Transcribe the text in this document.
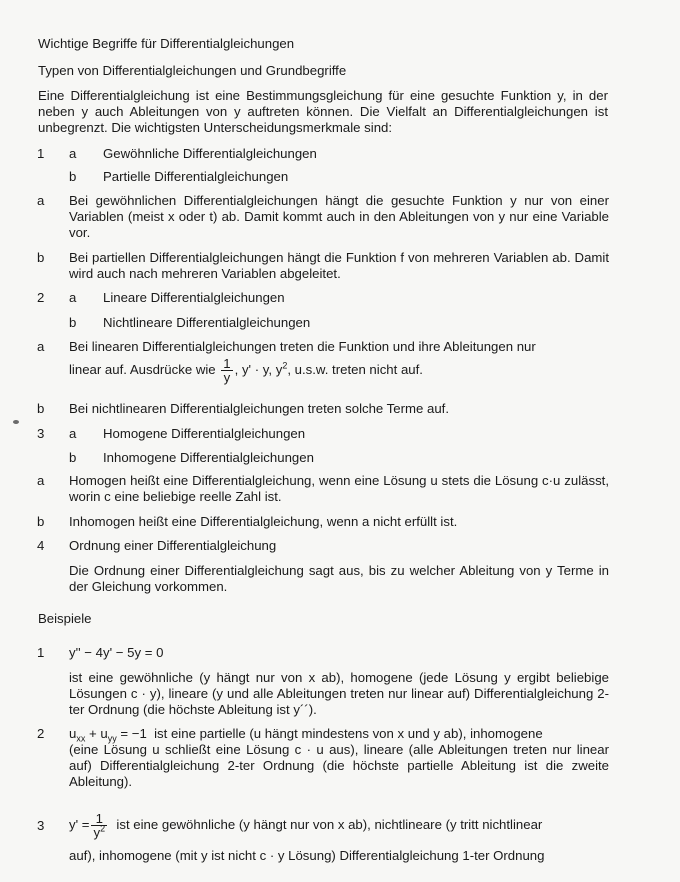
Wichtige Begriffe für Differentialgleichungen
Typen von Differentialgleichungen und Grundbegriffe
Eine Differentialgleichung ist eine Bestimmungsgleichung für eine gesuchte Funktion y, in der neben y auch Ableitungen von y auftreten können. Die Vielfalt an Differentialgleichungen ist unbegrenzt. Die wichtigsten Unterscheidungsmerkmale sind:
1 a Gewöhnliche Differentialgleichungen
b Partielle Differentialgleichungen
a Bei gewöhnlichen Differentialgleichungen hängt die gesuchte Funktion y nur von einer Variablen (meist x oder t) ab. Damit kommt auch in den Ableitungen von y nur eine Variable vor.
b Bei partiellen Differentialgleichungen hängt die Funktion f von mehreren Variablen ab. Damit wird auch nach mehreren Variablen abgeleitet.
2 a Lineare Differentialgleichungen
b Nichtlineare Differentialgleichungen
a Bei linearen Differentialgleichungen treten die Funktion und ihre Ableitungen nur
linear auf. Ausdrücke wie $\frac{1}{y}$ , y' · y, $y^2$, u.s.w. treten nicht auf.
b Bei nichtlinearen Differentialgleichungen treten solche Terme auf.
3 a Homogene Differentialgleichungen
b Inhomogene Differentialgleichungen
a Homogen heißt eine Differentialgleichung, wenn eine Lösung u stets die Lösung c·u zulässt, worin c eine beliebige reelle Zahl ist.
b Inhomogen heißt eine Differentialgleichung, wenn a nicht erfüllt ist.
4 Ordnung einer Differentialgleichung
Die Ordnung einer Differentialgleichung sagt aus, bis zu welcher Ableitung von y Terme in der Gleichung vorkommen.
Beispiele
1 y'' − 4y' − 5y = 0
ist eine gewöhnliche (y hängt nur von x ab), homogene (jede Lösung y ergibt beliebige Lösungen c · y), lineare (y und alle Ableitungen treten nur linear auf) Differentialgleichung 2-ter Ordnung (die höchste Ableitung ist y´´).
2 $u_{xx} + u_{yy} = -1$ ist eine partielle (u hängt mindestens von x und y ab), inhomogene
(eine Lösung u schließt eine Lösung c · u aus), lineare (alle Ableitungen treten nur linear auf) Differentialgleichung 2-ter Ordnung (die höchste partielle Ableitung ist die zweite Ableitung).
3 $y' = \frac{1}{y^2}$ ist eine gewöhnliche (y hängt nur von x ab), nichtlineare (y tritt nichtlinear
auf), inhomogene (mit y ist nicht c · y Lösung) Differentialgleichung 1-ter Ordnung
